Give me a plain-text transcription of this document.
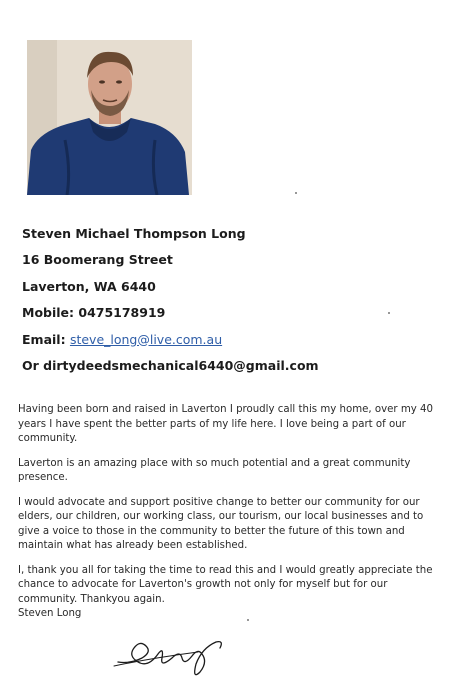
Steven Michael Thompson Long
16 Boomerang Street
Laverton, WA 6440
Mobile: 0475178919
Email: steve_long@live.com.au
Or dirtydeedsmechanical6440@gmail.com

Having been born and raised in Laverton I proudly call this my home, over my 40 years I have spent the better parts of my life here. I love being a part of our community.

Laverton is an amazing place with so much potential and a great community presence.

I would advocate and support positive change to better our community for our elders, our children, our working class, our tourism, our local businesses and to give a voice to those in the community to better the future of this town and maintain what has already been established.

I, thank you all for taking the time to read this and I would greatly appreciate the chance to advocate for Laverton's growth not only for myself but for our community. Thankyou again.

Steven Long
